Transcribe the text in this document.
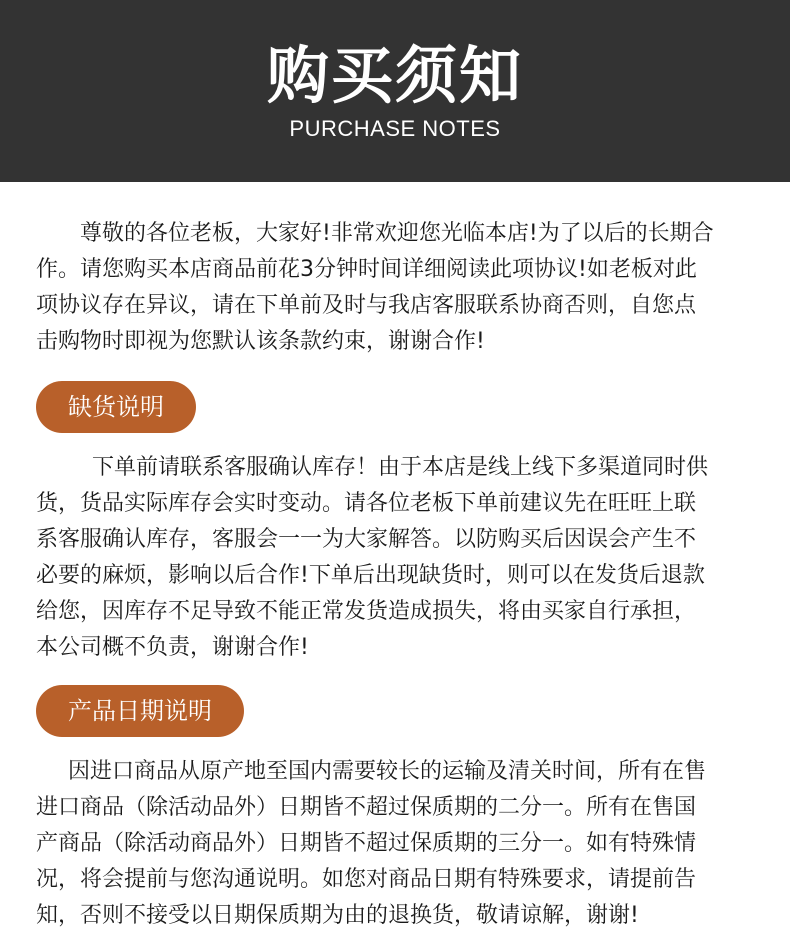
购买须知
PURCHASE NOTES

尊敬的各位老板，大家好!非常欢迎您光临本店!为了以后的长期合
作。请您购买本店商品前花3分钟时间详细阅读此项协议!如老板对此
项协议存在异议，请在下单前及时与我店客服联系协商否则，自您点
击购物时即视为您默认该条款约束，谢谢合作!

缺货说明

下单前请联系客服确认库存！由于本店是线上线下多渠道同时供
货，货品实际库存会实时变动。请各位老板下单前建议先在旺旺上联
系客服确认库存，客服会一一为大家解答。以防购买后因误会产生不
必要的麻烦，影响以后合作!下单后出现缺货时，则可以在发货后退款
给您，因库存不足导致不能正常发货造成损失，将由买家自行承担，
本公司概不负责，谢谢合作!

产品日期说明

因进口商品从原产地至国内需要较长的运输及清关时间，所有在售
进口商品（除活动品外）日期皆不超过保质期的二分一。所有在售国
产商品（除活动商品外）日期皆不超过保质期的三分一。如有特殊情
况，将会提前与您沟通说明。如您对商品日期有特殊要求，请提前告
知，否则不接受以日期保质期为由的退换货，敬请谅解，谢谢!
